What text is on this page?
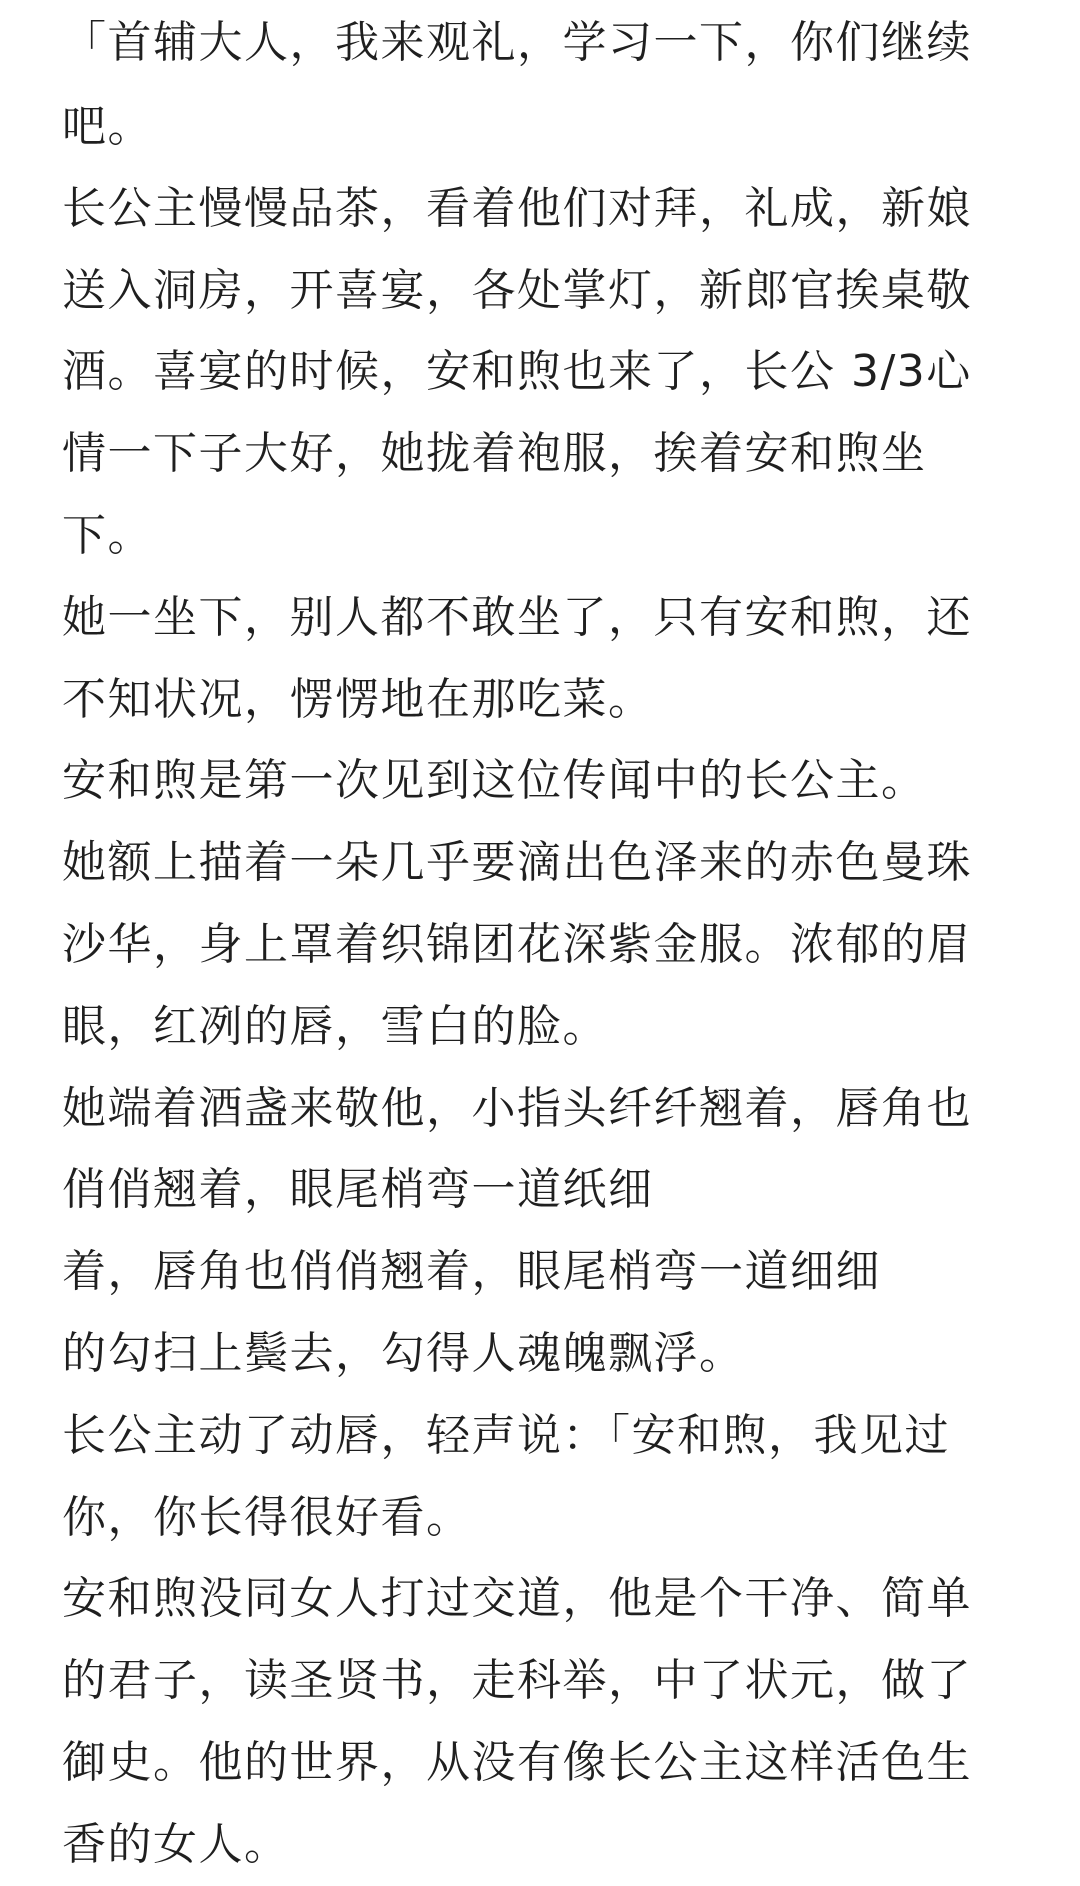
「首辅大人，我来观礼，学习一下，你们继续
吧。
长公主慢慢品茶，看着他们对拜，礼成，新娘
送入洞房，开喜宴，各处掌灯，新郎官挨桌敬
酒。喜宴的时候，安和煦也来了，长公 3/3心
情一下子大好，她拢着袍服，挨着安和煦坐
下。
她一坐下，别人都不敢坐了，只有安和煦，还
不知状况，愣愣地在那吃菜。
安和煦是第一次见到这位传闻中的长公主。
她额上描着一朵几乎要滴出色泽来的赤色曼珠
沙华，身上罩着织锦团花深紫金服。浓郁的眉
眼，红冽的唇，雪白的脸。
她端着酒盏来敬他，小指头纤纤翘着，唇角也
俏俏翘着，眼尾梢弯一道纸细
着，唇角也俏俏翘着，眼尾梢弯一道细细
的勾扫上鬓去，勾得人魂魄飘浮。
长公主动了动唇，轻声说：「安和煦，我见过
你，你长得很好看。
安和煦没同女人打过交道，他是个干净、简单
的君子，读圣贤书，走科举，中了状元，做了
御史。他的世界，从没有像长公主这样活色生
香的女人。
